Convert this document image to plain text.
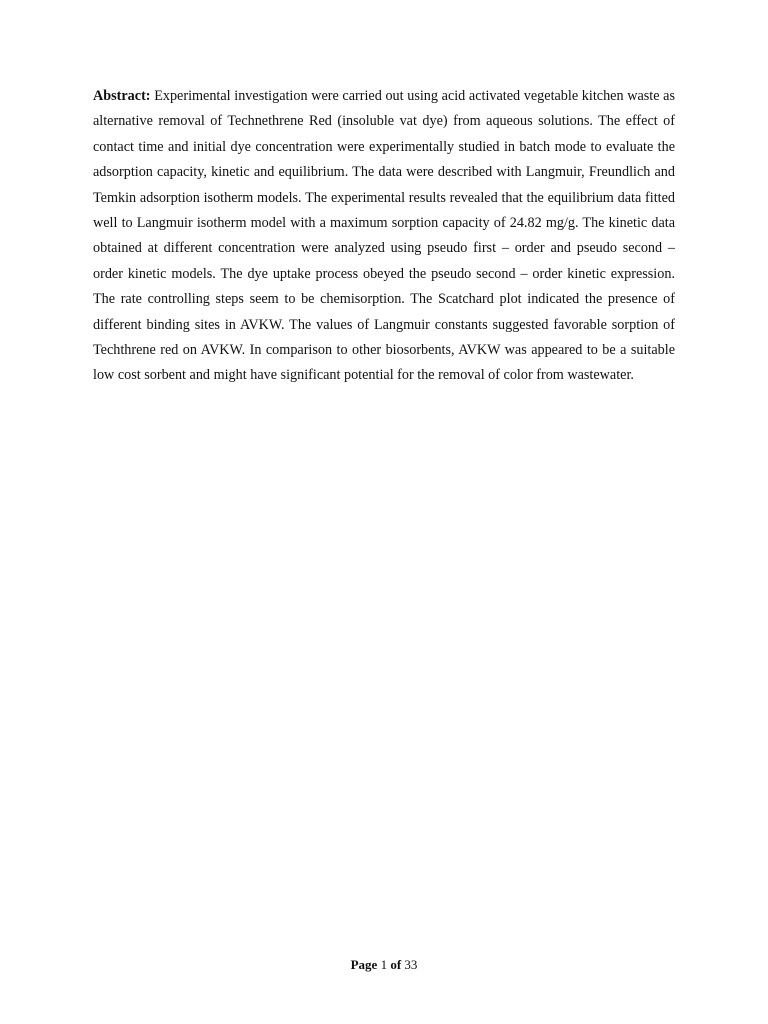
Abstract: Experimental investigation were carried out using acid activated vegetable kitchen waste as alternative removal of Technethrene Red (insoluble vat dye) from aqueous solutions. The effect of contact time and initial dye concentration were experimentally studied in batch mode to evaluate the adsorption capacity, kinetic and equilibrium. The data were described with Langmuir, Freundlich and Temkin adsorption isotherm models. The experimental results revealed that the equilibrium data fitted well to Langmuir isotherm model with a maximum sorption capacity of 24.82 mg/g. The kinetic data obtained at different concentration were analyzed using pseudo first – order and pseudo second – order kinetic models. The dye uptake process obeyed the pseudo second – order kinetic expression. The rate controlling steps seem to be chemisorption. The Scatchard plot indicated the presence of different binding sites in AVKW. The values of Langmuir constants suggested favorable sorption of Techthrene red on AVKW. In comparison to other biosorbents, AVKW was appeared to be a suitable low cost sorbent and might have significant potential for the removal of color from wastewater.

Page 1 of 33
